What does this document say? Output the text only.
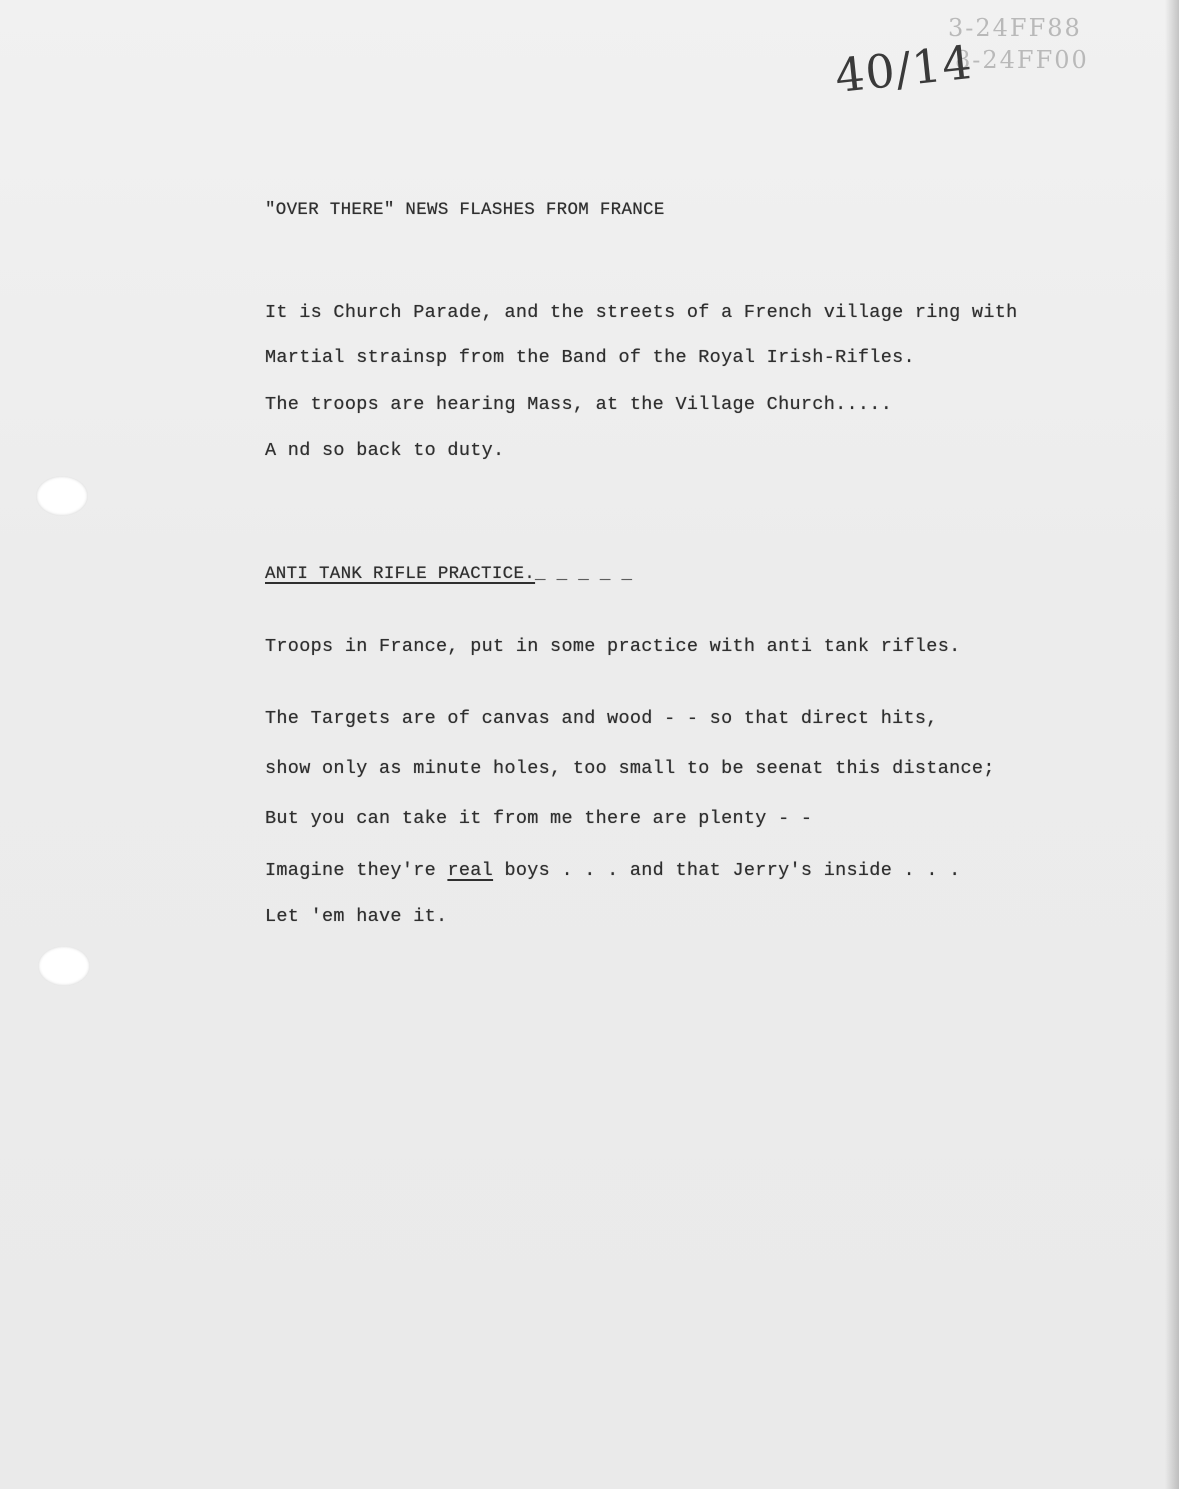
3-24FF88
8-24FF00
40/14

"OVER THERE" NEWS FLASHES FROM FRANCE

It is Church Parade, and the streets of a French village ring with

Martial strainsp from the Band of the Royal Irish-Rifles.

The troops are hearing Mass, at the Village Church.....

A nd so back to duty.

ANTI TANK RIFLE PRACTICE._ _ _ _ _

Troops in France, put in some practice with anti tank rifles.

The Targets are of canvas and wood - - so that direct hits,

show only as minute holes, too small to be seenat this distance;

But you can take it from me there are plenty - -

Imagine they're real boys . . . and that Jerry's inside . . .

Let 'em have it.
